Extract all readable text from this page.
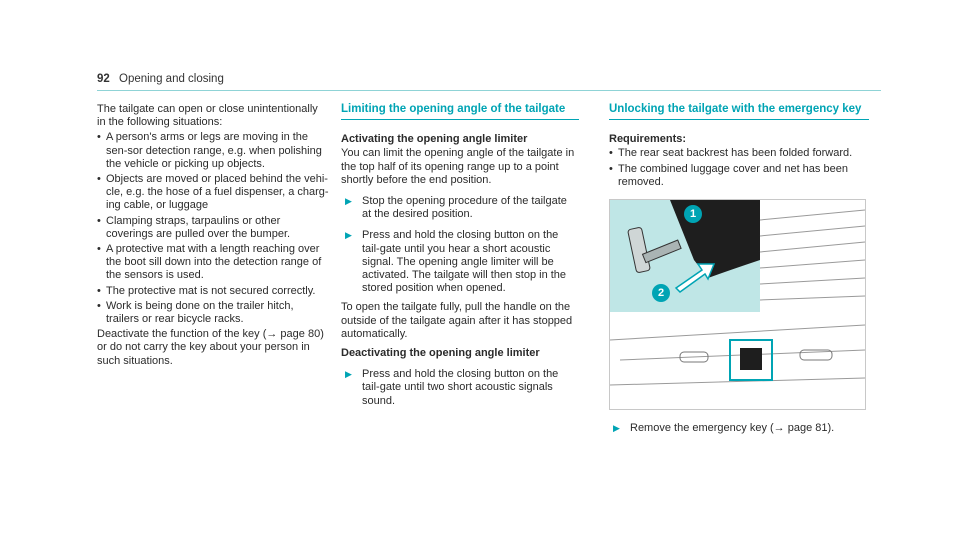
92 Opening and closing

The tailgate can open or close unintentionally in the following situations:

• A person's arms or legs are moving in the sen-sor detection range, e.g. when polishing the vehicle or picking up objects.
• Objects are moved or placed behind the vehi-cle, e.g. the hose of a fuel dispenser, a charg-ing cable, or luggage
• Clamping straps, tarpaulins or other coverings are pulled over the bumper.
• A protective mat with a length reaching over the boot sill down into the detection range of the sensors is used.
• The protective mat is not secured correctly.
• Work is being done on the trailer hitch, trailers or rear bicycle racks.

Deactivate the function of the key (→ page 80) or do not carry the key about your person in such situations.

Limiting the opening angle of the tailgate
Activating the opening angle limiter

You can limit the opening angle of the tailgate in the top half of its opening range up to a point shortly before the end position.

▶ Stop the opening procedure of the tailgate at the desired position.
▶ Press and hold the closing button on the tail-gate until you hear a short acoustic signal. The opening angle limiter will be activated. The tailgate will then stop in the stored position when opened.

To open the tailgate fully, pull the handle on the outside of the tailgate again after it has stopped automatically.

Deactivating the opening angle limiter
▶ Press and hold the closing button on the tail-gate until two short acoustic signals sound.
Unlocking the tailgate with the emergency key
Requirements:
• The rear seat backrest has been folded forward.
• The combined luggage cover and net has been removed.
1
2
▶ Remove the emergency key (→ page 81).
